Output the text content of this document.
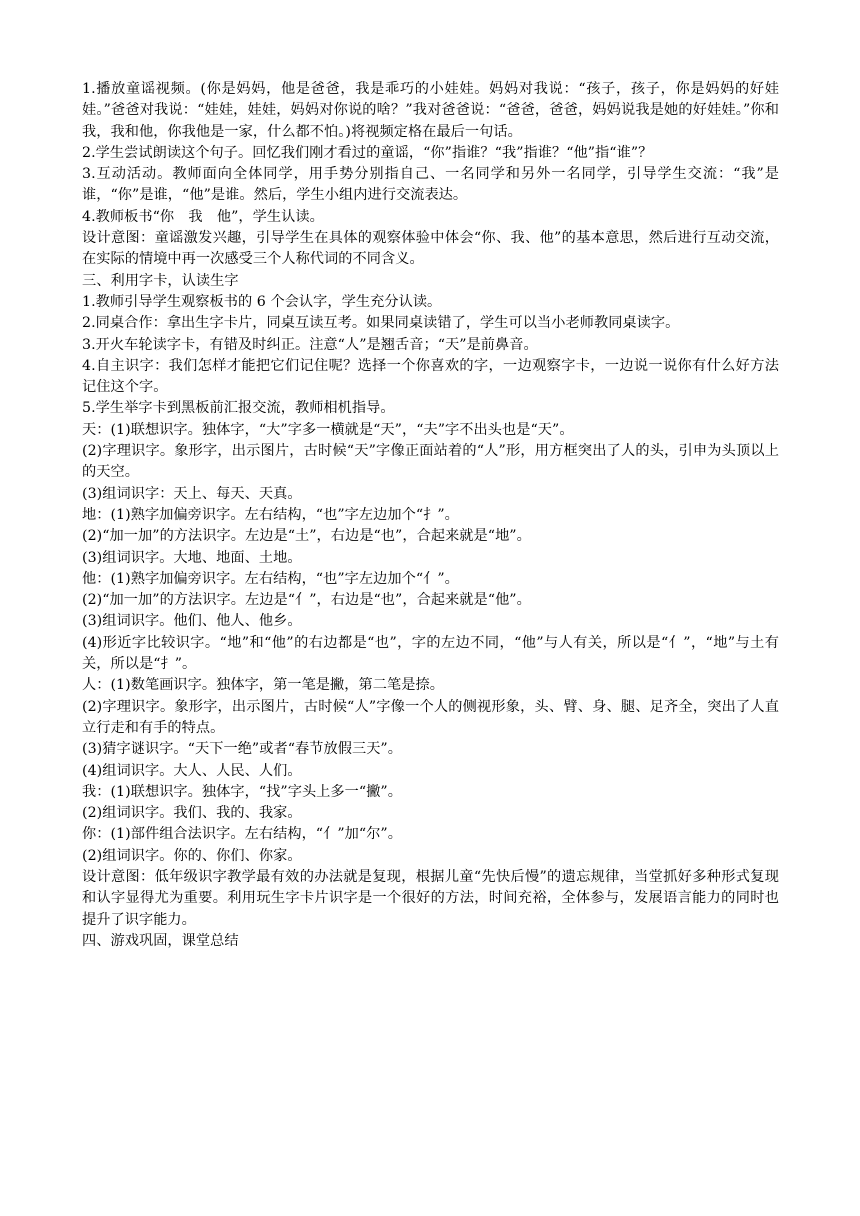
1.播放童谣视频。(你是妈妈，他是爸爸，我是乖巧的小娃娃。妈妈对我说：“孩子，孩子，你是妈妈的好娃娃。”爸爸对我说：“娃娃，娃娃，妈妈对你说的啥？”我对爸爸说：“爸爸，爸爸，妈妈说我是她的好娃娃。”你和我，我和他，你我他是一家，什么都不怕。)将视频定格在最后一句话。

2.学生尝试朗读这个句子。回忆我们刚才看过的童谣，“你”指谁？“我”指谁？“他”指“谁”？

3.互动活动。教师面向全体同学，用手势分别指自己、一名同学和另外一名同学，引导学生交流：“我”是谁，“你”是谁，“他”是谁。然后，学生小组内进行交流表达。

4.教师板书“你　我　他”，学生认读。

设计意图：童谣激发兴趣，引导学生在具体的观察体验中体会“你、我、他”的基本意思，然后进行互动交流，在实际的情境中再一次感受三个人称代词的不同含义。

三、利用字卡，认读生字

1.教师引导学生观察板书的 6 个会认字，学生充分认读。

2.同桌合作：拿出生字卡片，同桌互读互考。如果同桌读错了，学生可以当小老师教同桌读字。

3.开火车轮读字卡，有错及时纠正。注意“人”是翘舌音；“天”是前鼻音。

4.自主识字：我们怎样才能把它们记住呢？选择一个你喜欢的字，一边观察字卡，一边说一说你有什么好方法记住这个字。

5.学生举字卡到黑板前汇报交流，教师相机指导。

天：(1)联想识字。独体字，“大”字多一横就是“天”，“夫”字不出头也是“天”。

(2)字理识字。象形字，出示图片，古时候“天”字像正面站着的“人”形，用方框突出了人的头，引申为头顶以上的天空。

(3)组词识字：天上、每天、天真。

地：(1)熟字加偏旁识字。左右结构，“也”字左边加个“扌”。

(2)“加一加”的方法识字。左边是“土”，右边是“也”，合起来就是“地”。

(3)组词识字。大地、地面、土地。

他：(1)熟字加偏旁识字。左右结构，“也”字左边加个“亻”。

(2)“加一加”的方法识字。左边是“亻”，右边是“也”，合起来就是“他”。

(3)组词识字。他们、他人、他乡。

(4)形近字比较识字。“地”和“他”的右边都是“也”，字的左边不同，“他”与人有关，所以是“亻”，“地”与土有关，所以是“扌”。

人：(1)数笔画识字。独体字，第一笔是撇，第二笔是捺。

(2)字理识字。象形字，出示图片，古时候“人”字像一个人的侧视形象，头、臂、身、腿、足齐全，突出了人直立行走和有手的特点。

(3)猜字谜识字。“天下一绝”或者“春节放假三天”。

(4)组词识字。大人、人民、人们。

我：(1)联想识字。独体字，“找”字头上多一“撇”。

(2)组词识字。我们、我的、我家。

你：(1)部件组合法识字。左右结构，“亻”加“尔”。

(2)组词识字。你的、你们、你家。

设计意图：低年级识字教学最有效的办法就是复现，根据儿童“先快后慢”的遗忘规律，当堂抓好多种形式复现和认字显得尤为重要。利用玩生字卡片识字是一个很好的方法，时间充裕，全体参与，发展语言能力的同时也提升了识字能力。

四、游戏巩固，课堂总结
